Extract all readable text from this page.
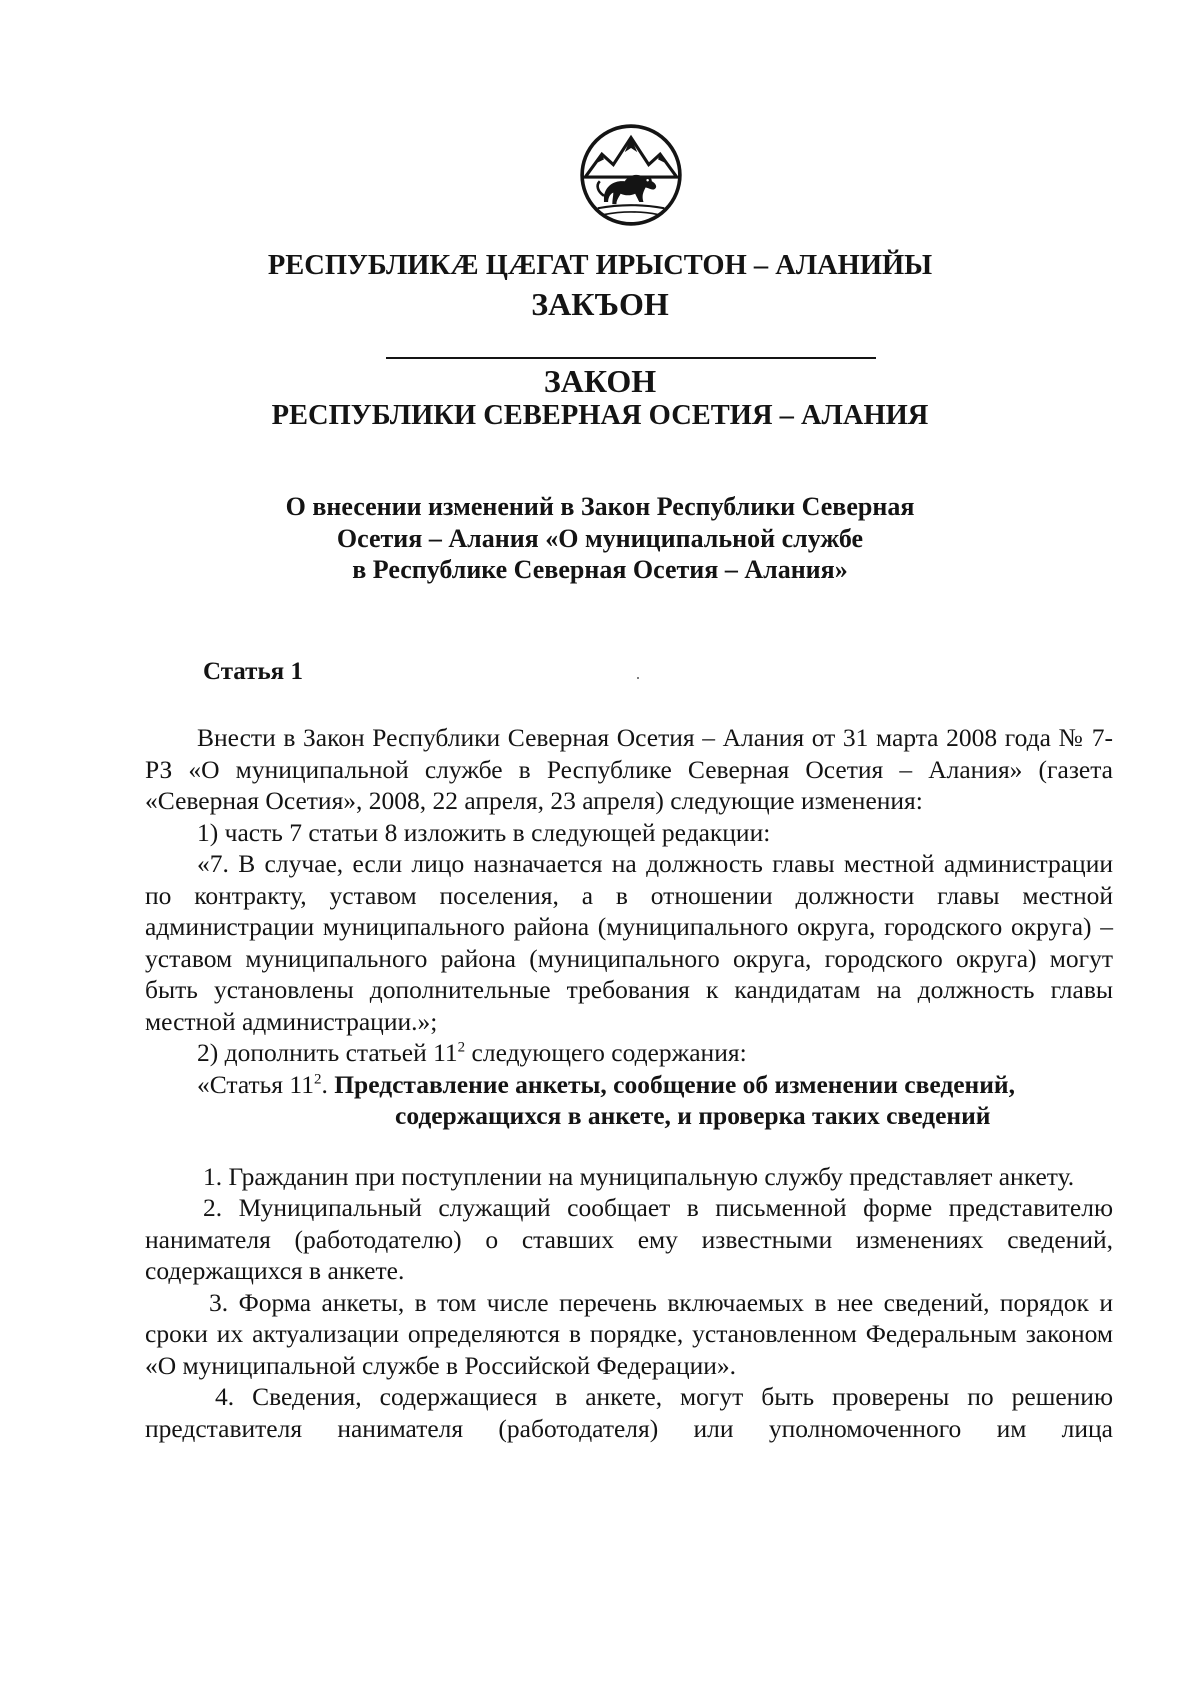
РЕСПУБЛИКӔ ЦӔГАТ ИРЫСТОН – АЛАНИЙЫ
ЗАКЪОН
ЗАКОН
РЕСПУБЛИКИ СЕВЕРНАЯ ОСЕТИЯ – АЛАНИЯ
О внесении изменений в Закон Республики Северная
Осетия – Алания «О муниципальной службе
в Республике Северная Осетия – Алания»
Статья 1

Внести в Закон Республики Северная Осетия – Алания от 31 марта 2008 года № 7-РЗ «О муниципальной службе в Республике Северная Осетия – Алания» (газета «Северная Осетия», 2008, 22 апреля, 23 апреля) следующие изменения:

1) часть 7 статьи 8 изложить в следующей редакции:

«7. В случае, если лицо назначается на должность главы местной администрации по контракту, уставом поселения, а в отношении должности главы местной администрации муниципального района (муниципального округа, городского округа) – уставом муниципального района (муниципального округа, городского округа) могут быть установлены дополнительные требования к кандидатам на должность главы местной администрации.»;

2) дополнить статьей $11^2$ следующего содержания:

«Статья $11^2$. Представление анкеты, сообщение об изменении сведений,
содержащихся в анкете, и проверка таких сведений

1. Гражданин при поступлении на муниципальную службу представляет анкету.

2. Муниципальный служащий сообщает в письменной форме представителю нанимателя (работодателю) о ставших ему известными изменениях сведений, содержащихся в анкете.

3. Форма анкеты, в том числе перечень включаемых в нее сведений, порядок и сроки их актуализации определяются в порядке, установленном Федеральным законом «О муниципальной службе в Российской Федерации».

4. Сведения, содержащиеся в анкете, могут быть проверены по решению

представителя нанимателя (работодателя) или уполномоченного им лица
